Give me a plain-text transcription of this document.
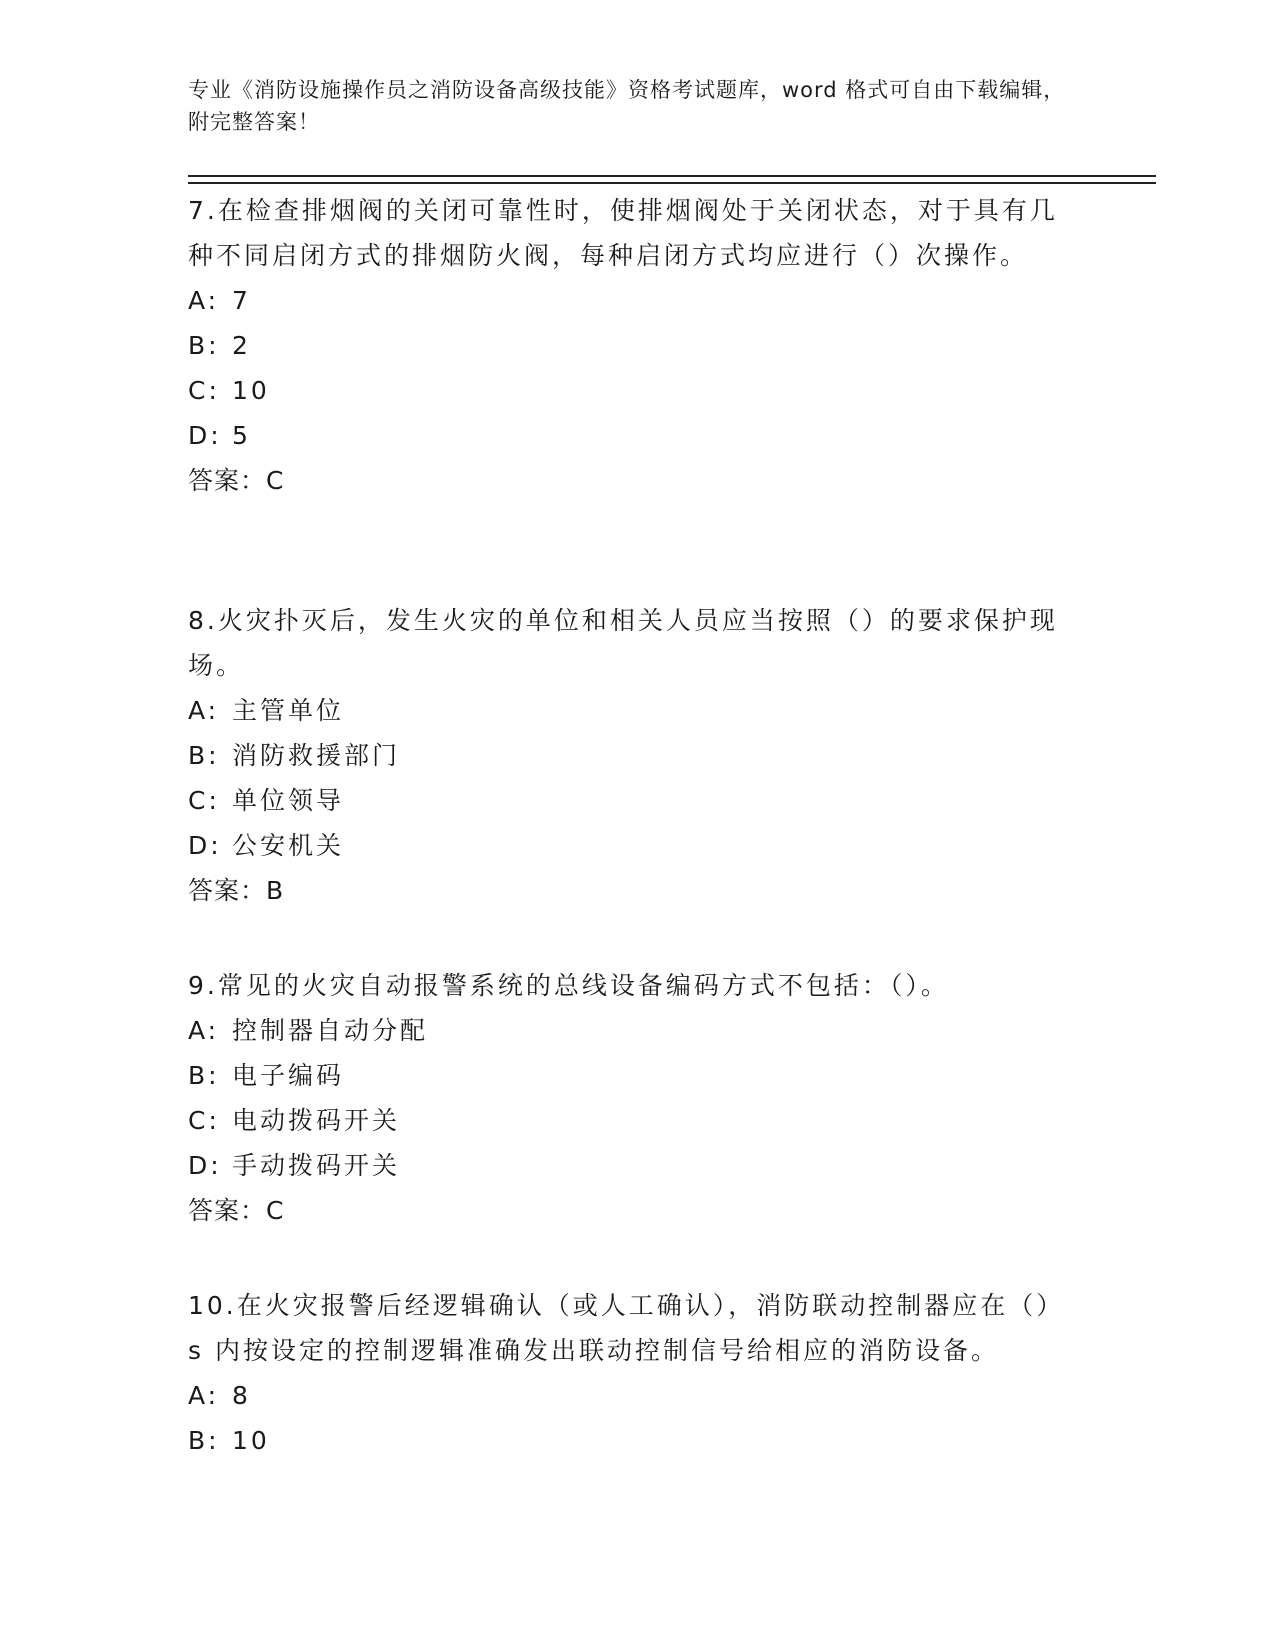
专业《消防设施操作员之消防设备高级技能》资格考试题库，word 格式可自由下载编辑，附完整答案！

7.在检查排烟阀的关闭可靠性时，使排烟阀处于关闭状态，对于具有几种不同启闭方式的排烟防火阀，每种启闭方式均应进行（）次操作。

A: 7
B: 2
C: 10
D: 5

答案：C

8.火灾扑灭后，发生火灾的单位和相关人员应当按照（）的要求保护现场。

A: 主管单位
B: 消防救援部门
C: 单位领导
D: 公安机关

答案：B

9.常见的火灾自动报警系统的总线设备编码方式不包括：（）。

A: 控制器自动分配
B: 电子编码
C: 电动拨码开关
D: 手动拨码开关

答案：C

10.在火灾报警后经逻辑确认（或人工确认），消防联动控制器应在（）s 内按设定的控制逻辑准确发出联动控制信号给相应的消防设备。

A: 8
B: 10
